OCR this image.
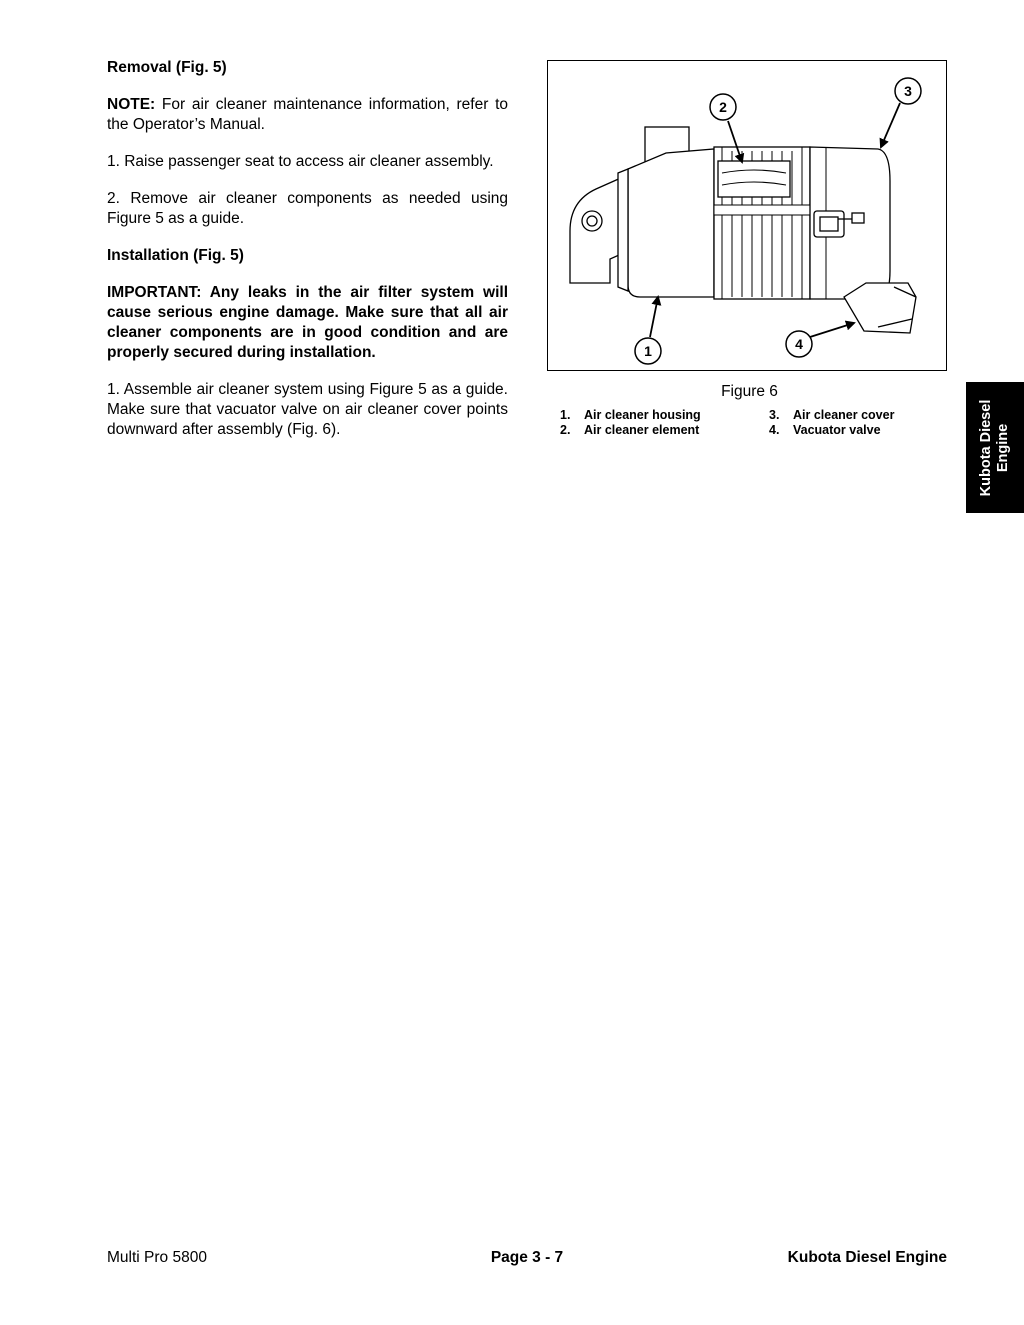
Removal (Fig. 5)

NOTE: For air cleaner maintenance information, refer to the Operator’s Manual.

1. Raise passenger seat to access air cleaner assembly.

2. Remove air cleaner components as needed using Figure 5 as a guide.

Installation (Fig. 5)

IMPORTANT: Any leaks in the air filter system will cause serious engine damage. Make sure that all air cleaner components are in good condition and are properly secured during installation.

1. Assemble air cleaner system using Figure 5 as a guide. Make sure that vacuator valve on air cleaner cover points downward after assembly (Fig. 6).

2
3
1	4
Figure 6
1.	Air cleaner housing
2.	Air cleaner element
3.	Air cleaner cover
4.	Vacuator valve	Kubota Diesel Engine
Multi Pro 5800	Page 3 - 7	Kubota Diesel Engine
